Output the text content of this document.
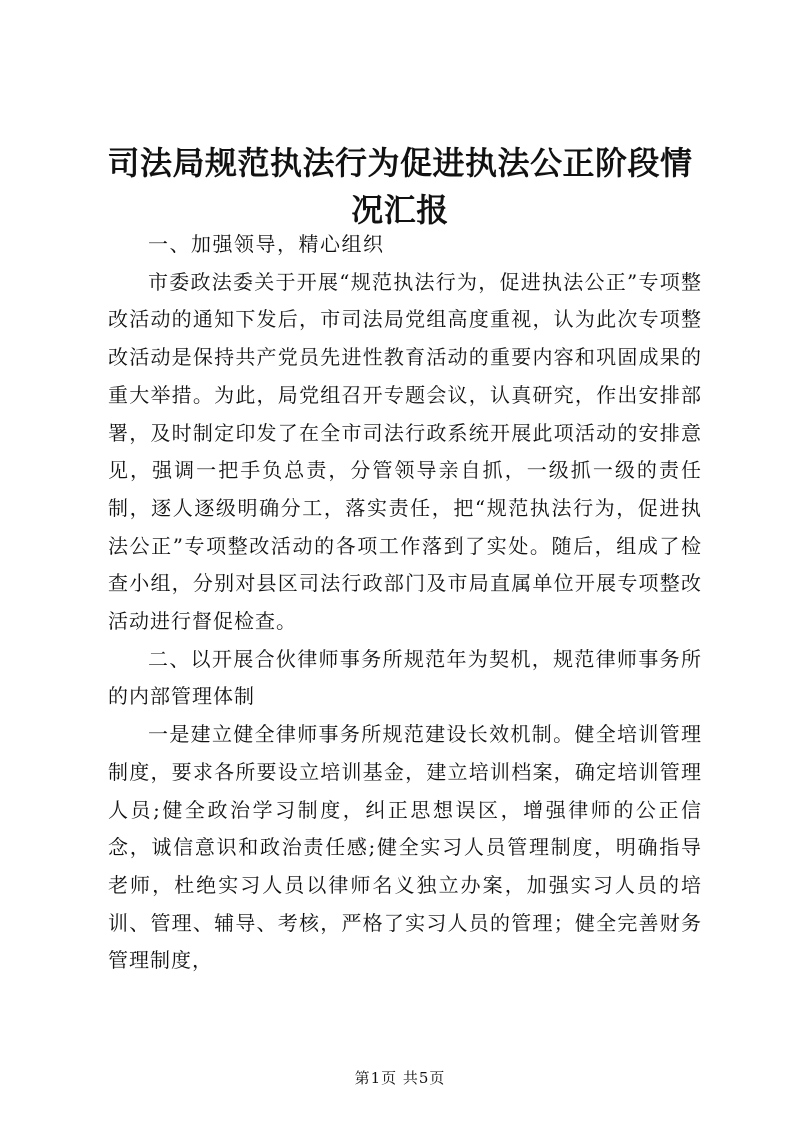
司法局规范执法行为促进执法公正阶段情况汇报

一、加强领导，精心组织

市委政法委关于开展“规范执法行为，促进执法公正”专项整改活动的通知下发后，市司法局党组高度重视，认为此次专项整改活动是保持共产党员先进性教育活动的重要内容和巩固成果的重大举措。为此，局党组召开专题会议，认真研究，作出安排部署，及时制定印发了在全市司法行政系统开展此项活动的安排意见，强调一把手负总责，分管领导亲自抓，一级抓一级的责任制，逐人逐级明确分工，落实责任，把“规范执法行为，促进执法公正”专项整改活动的各项工作落到了实处。随后，组成了检查小组，分别对县区司法行政部门及市局直属单位开展专项整改活动进行督促检查。

二、以开展合伙律师事务所规范年为契机，规范律师事务所的内部管理体制

一是建立健全律师事务所规范建设长效机制。健全培训管理制度，要求各所要设立培训基金，建立培训档案，确定培训管理人员;健全政治学习制度，纠正思想误区，增强律师的公正信念，诚信意识和政治责任感;健全实习人员管理制度，明确指导老师，杜绝实习人员以律师名义独立办案，加强实习人员的培训、管理、辅导、考核，严格了实习人员的管理；健全完善财务管理制度，

第1页 共5页
